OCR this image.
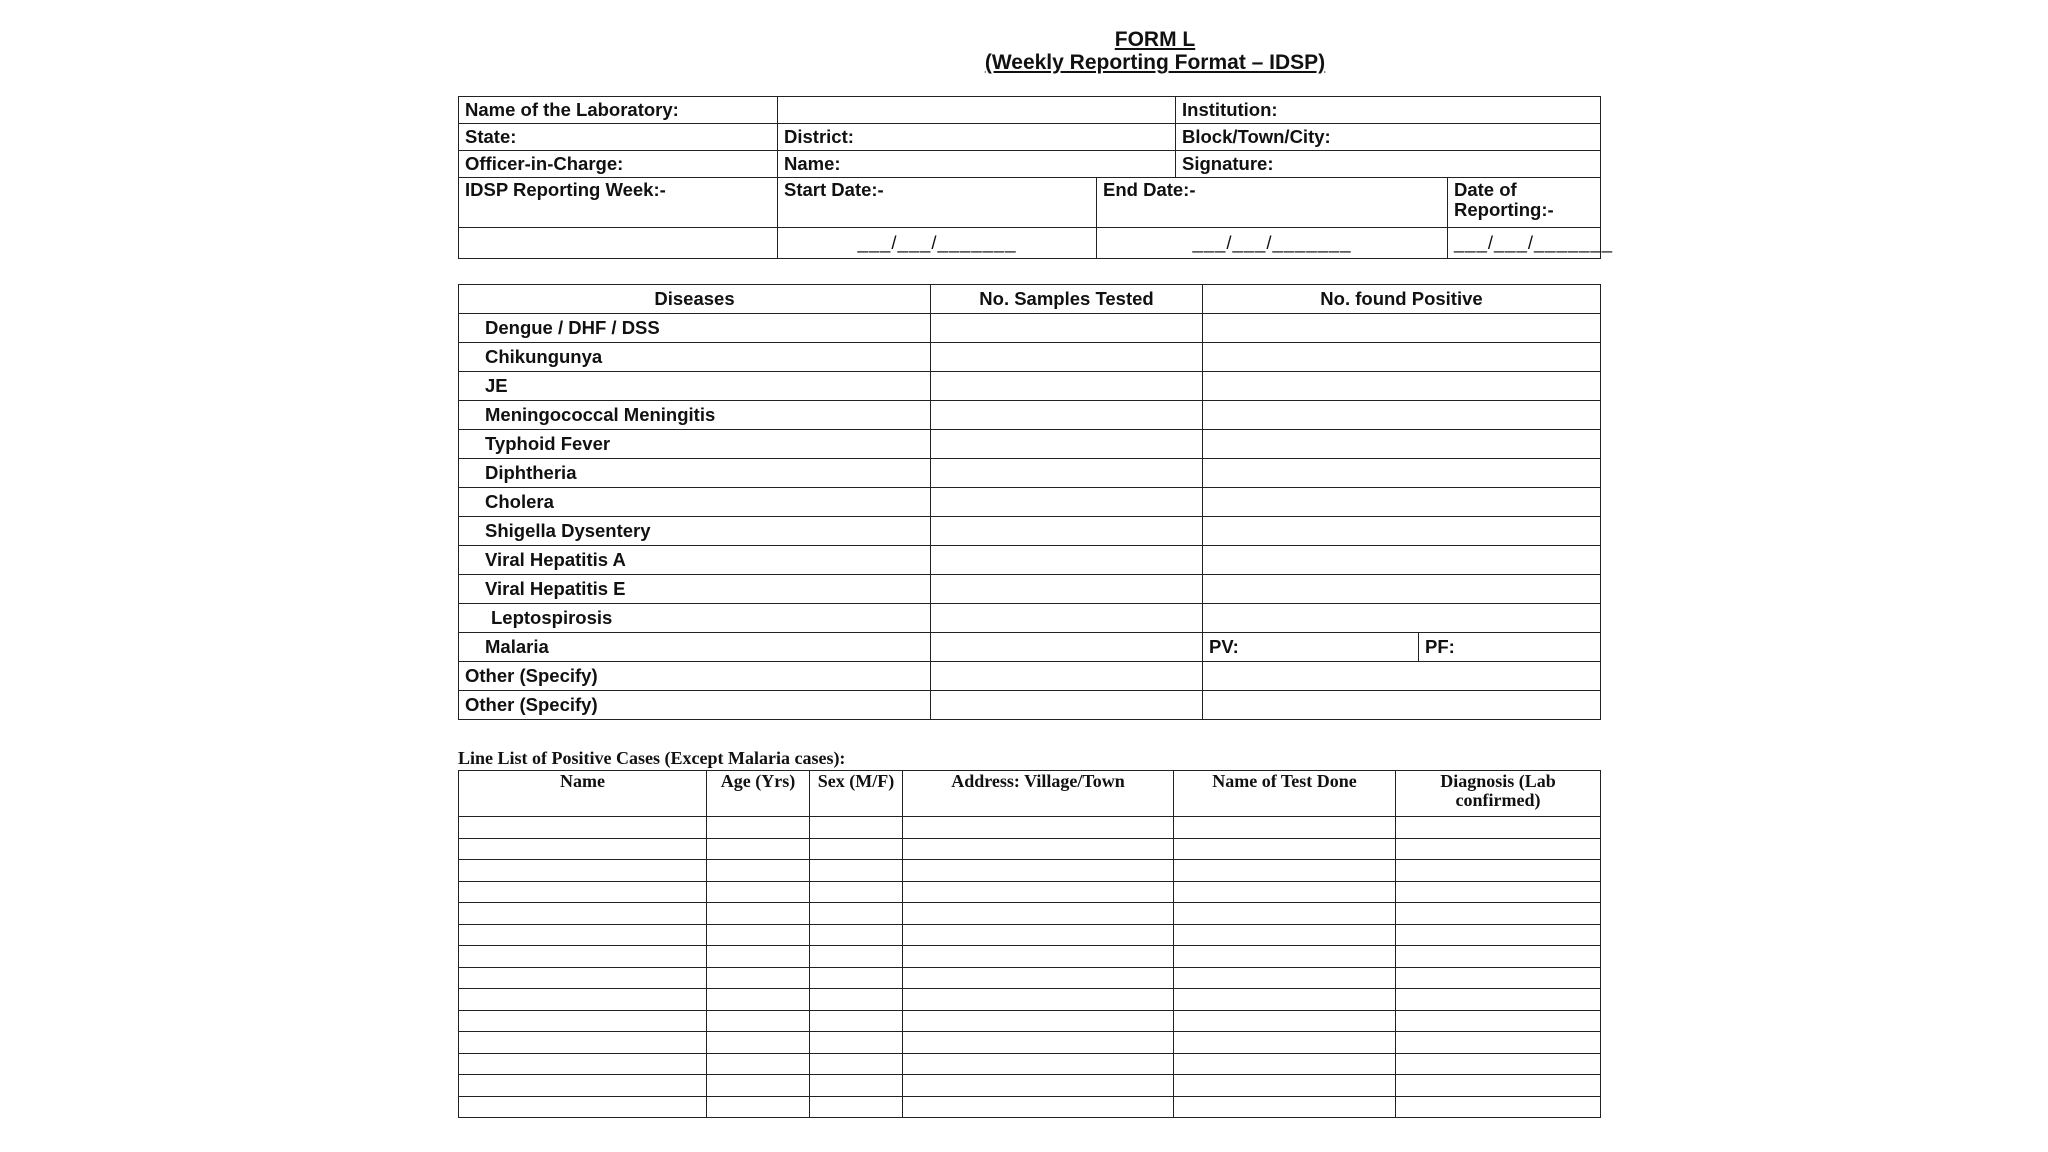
FORM L
(Weekly Reporting Format – IDSP)
Name of the Laboratory:			Institution:	
State:	District:		Block/Town/City:	
Officer-in-Charge:	Name:		Signature:	
IDSP Reporting Week:-	Start Date:-	End Date:-		Date of Reporting:-
	___/___/_______	___/___/_______		___/___/_______
Diseases	No. Samples Tested	No. found Positive
Dengue / DHF / DSS		
Chikungunya		
JE		
Meningococcal Meningitis		
Typhoid Fever		
Diphtheria		
Cholera		
Shigella Dysentery		
Viral Hepatitis A		
Viral Hepatitis E		
Leptospirosis		
Malaria		PV: PF:

Other (Specify)		
Other (Specify)		
Line List of Positive Cases (Except Malaria cases):
Name	Age (Yrs)	Sex (M/F)	Address: Village/Town	Name of Test Done	Diagnosis (Lab confirmed)
